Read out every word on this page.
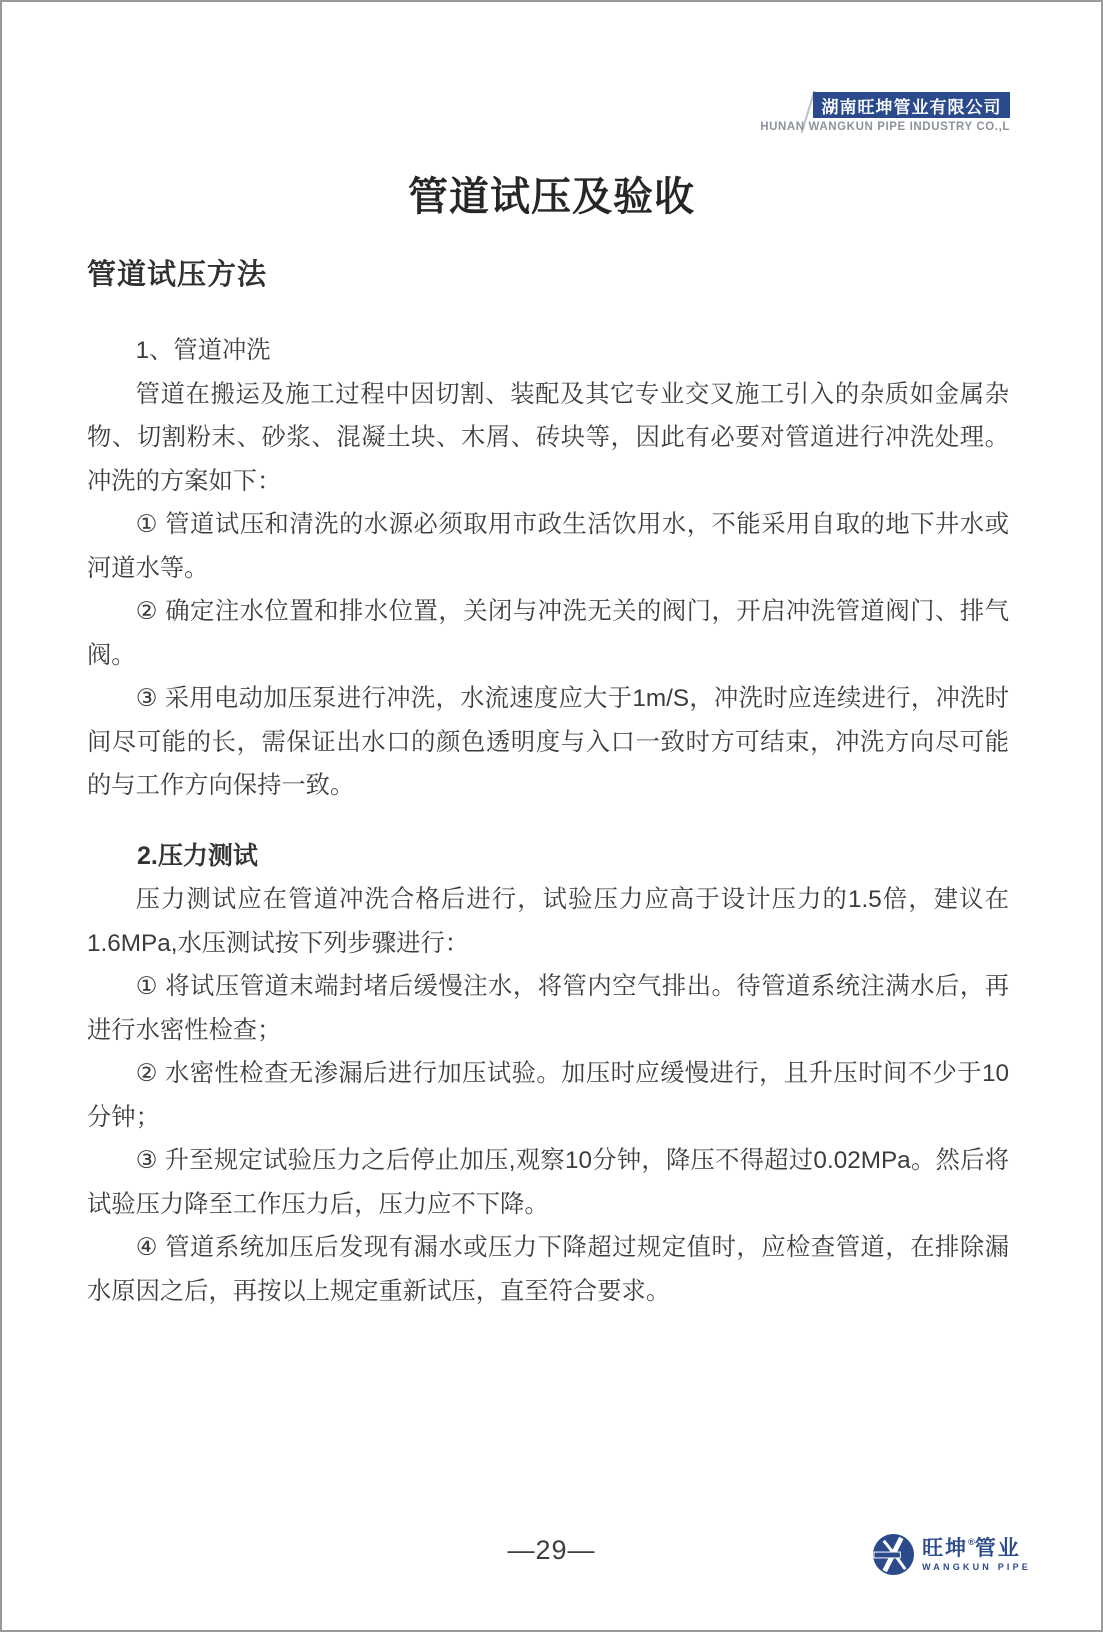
湖南旺坤管业有限公司
HUNAN WANGKUN PIPE INDUSTRY CO.,L
管道试压及验收
管道试压方法

1、管道冲洗

管道在搬运及施工过程中因切割、装配及其它专业交叉施工引入的杂质如金属杂物、切割粉末、砂浆、混凝土块、木屑、砖块等，因此有必要对管道进行冲洗处理。冲洗的方案如下：

① 管道试压和清洗的水源必须取用市政生活饮用水，不能采用自取的地下井水或河道水等。

② 确定注水位置和排水位置，关闭与冲洗无关的阀门，开启冲洗管道阀门、排气阀。

③ 采用电动加压泵进行冲洗，水流速度应大于1m/S，冲洗时应连续进行，冲洗时间尽可能的长，需保证出水口的颜色透明度与入口一致时方可结束，冲洗方向尽可能的与工作方向保持一致。

2.压力测试

压力测试应在管道冲洗合格后进行，试验压力应高于设计压力的1.5倍，建议在1.6MPa,水压测试按下列步骤进行：

① 将试压管道末端封堵后缓慢注水，将管内空气排出。待管道系统注满水后，再进行水密性检查；

② 水密性检查无渗漏后进行加压试验。加压时应缓慢进行，且升压时间不少于10分钟；

③ 升至规定试验压力之后停止加压,观察10分钟，降压不得超过0.02MPa。然后将试验压力降至工作压力后，压力应不下降。

④ 管道系统加压后发现有漏水或压力下降超过规定值时，应检查管道，在排除漏水原因之后，再按以上规定重新试压，直至符合要求。

—29—	旺坤®管业
WANGKUN PIPE
